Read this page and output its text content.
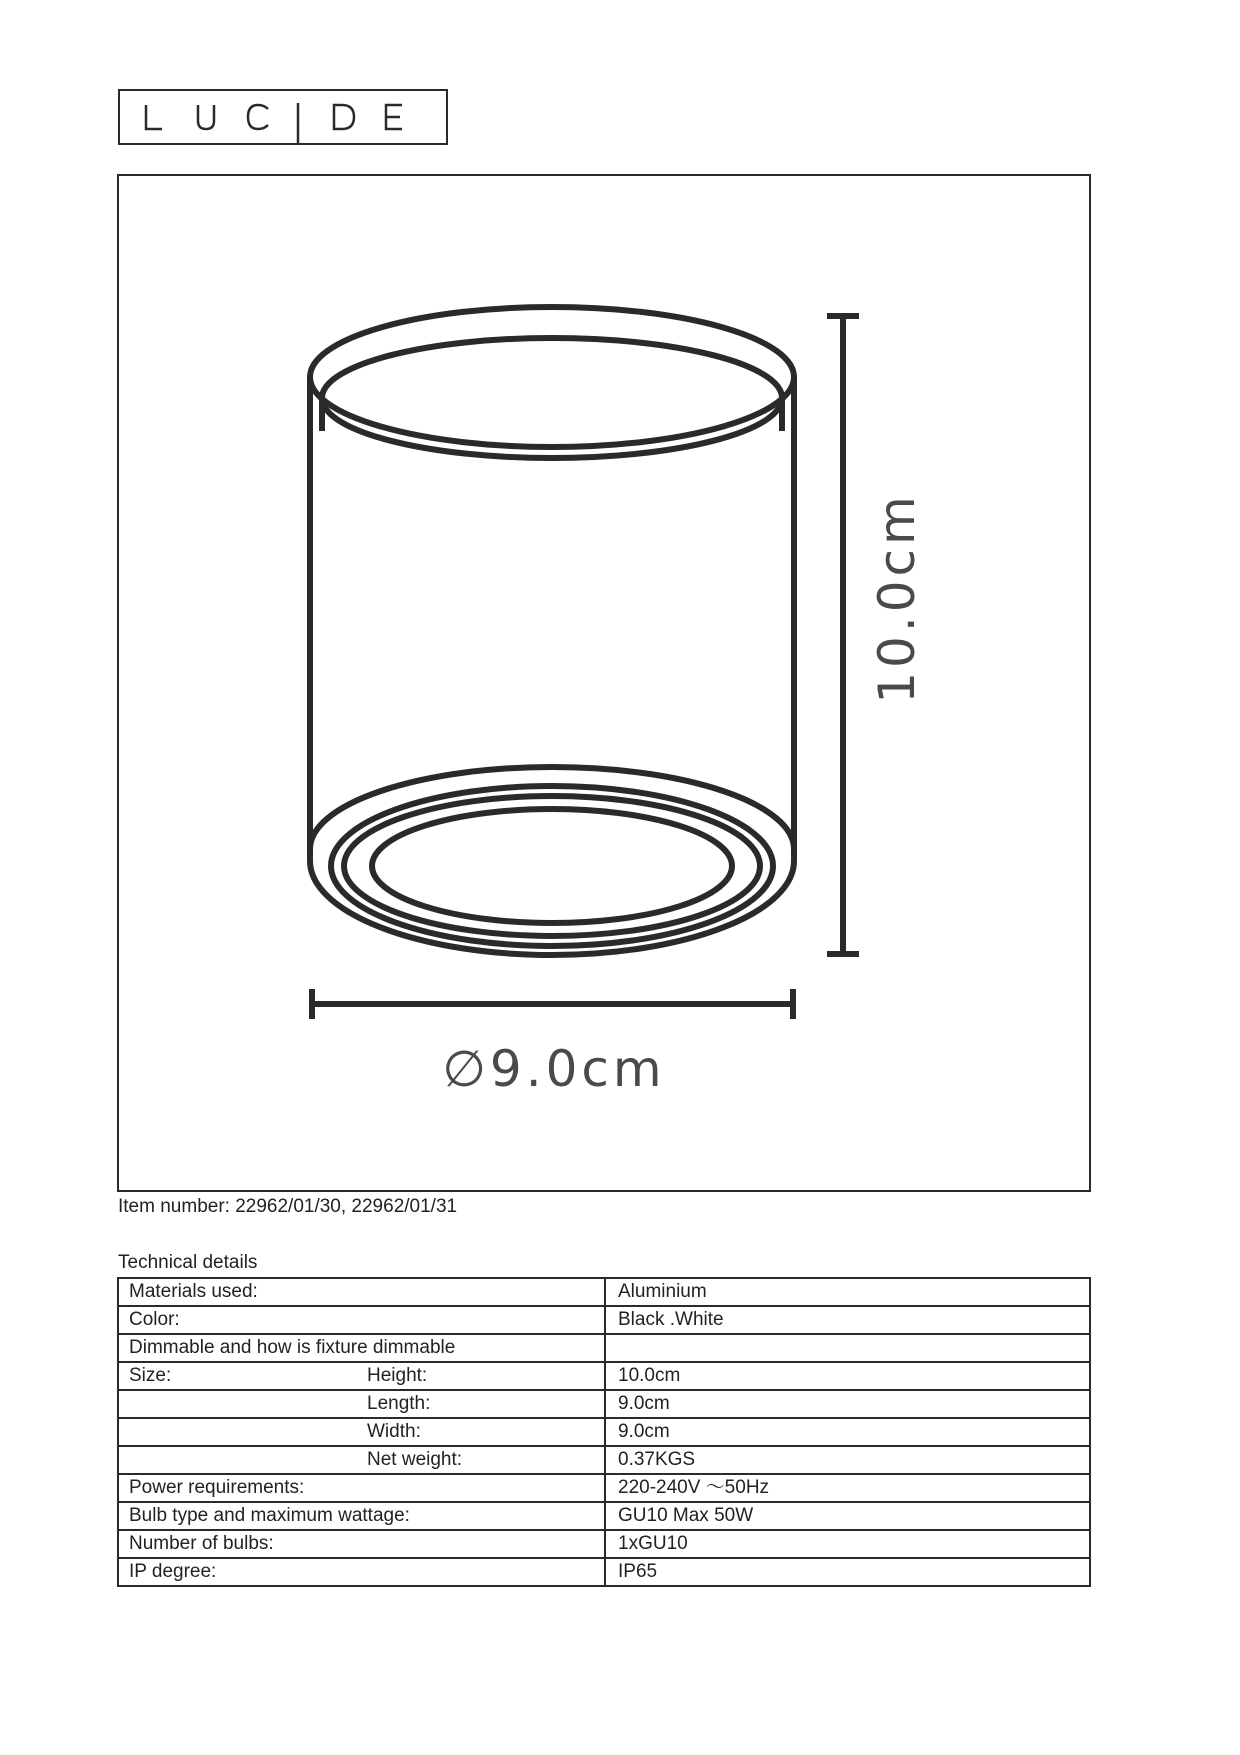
10.0cm
∅9.0cm
Item number: 22962/01/30, 22962/01/31
Technical details
Materials used:	Aluminium
Color:	Black .White
Dimmable and how is fixture dimmable

Size: Height:	10.0cm

Length:	9.0cm

Width:	9.0cm

Net weight:	0.37KGS
Power requirements:	220-240V ～50Hz
Bulb type and maximum wattage:	GU10 Max 50W
Number of bulbs:	1xGU10
IP degree:	IP65
